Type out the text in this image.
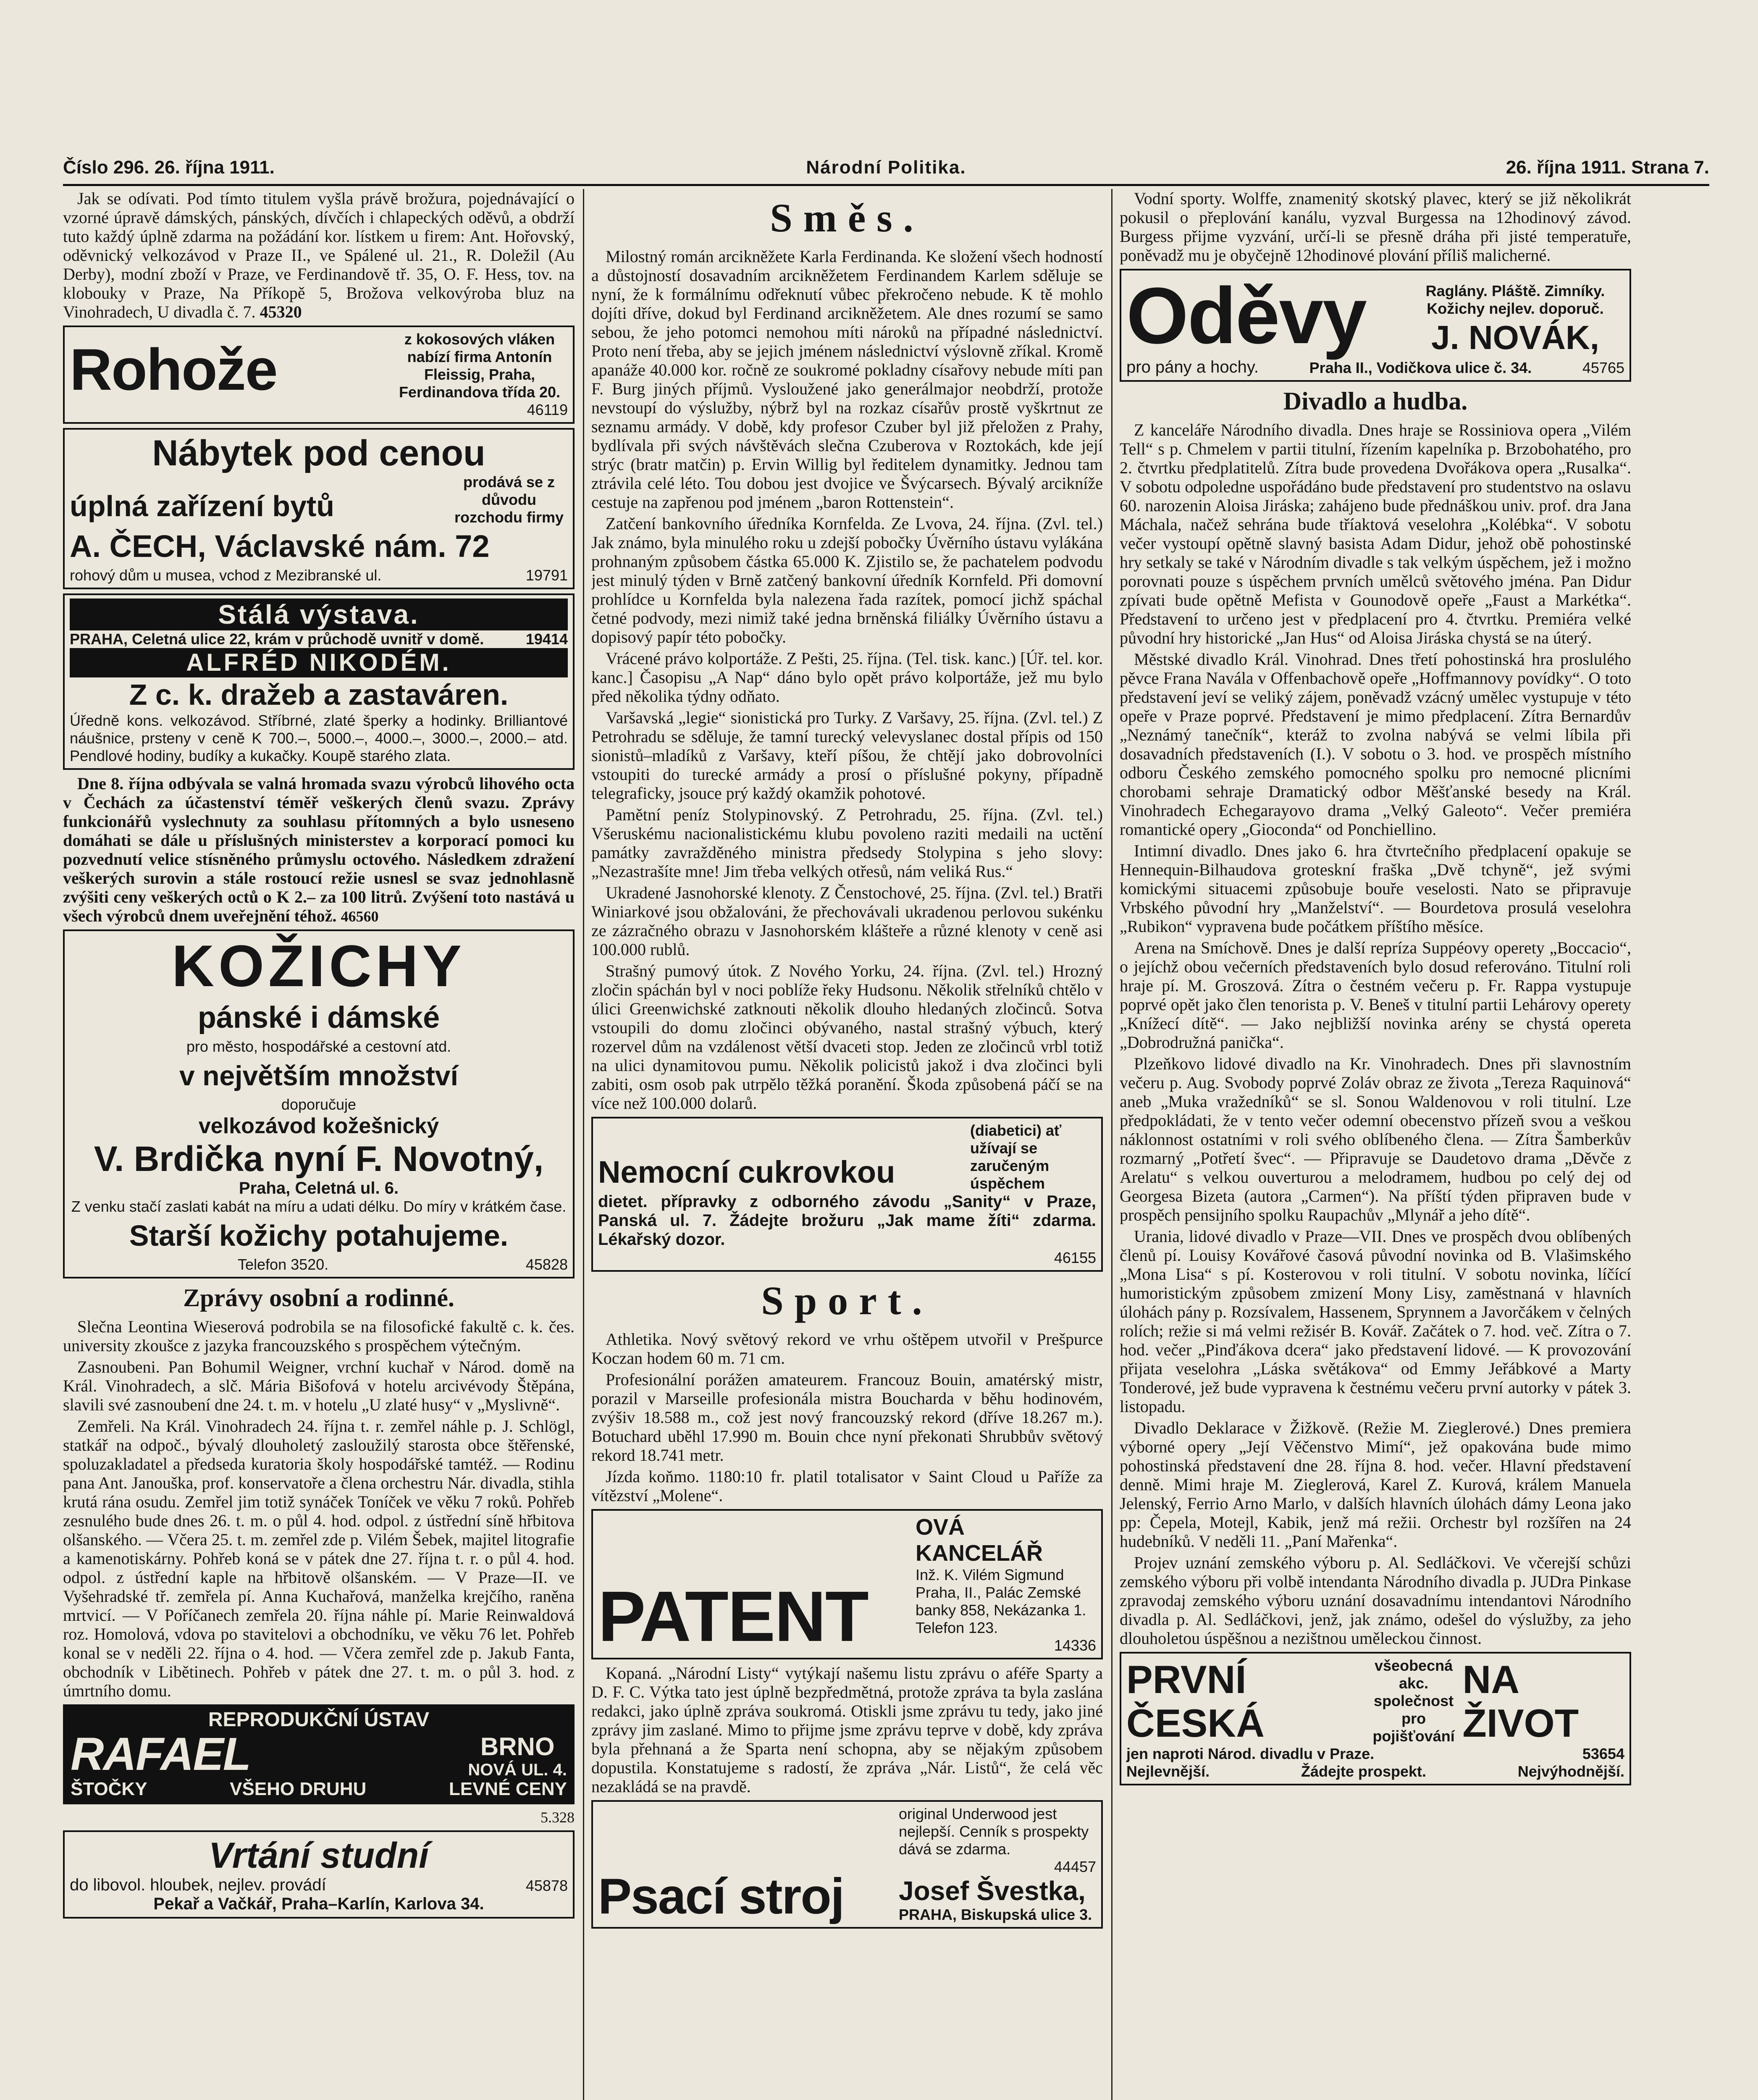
Číslo 296. 26. října 1911.	Národní Politika.	26. října 1911. Strana 7.

Jak se odívati. Pod tímto titulem vyšla právě brožura, pojednávající o vzorné úpravě dámských, pánských, dívčích i chlapeckých oděvů, a obdrží tuto každý úplně zdarma na požádání kor. lístkem u firem: Ant. Hořovský, oděvnický velkozávod v Praze II., ve Spálené ul. 21., R. Doležil (Au Derby), modní zboží v Praze, ve Ferdinandově tř. 35, O. F. Hess, tov. na klobouky v Praze, Na Příkopě 5, Brožova velkovýroba bluz na Vinohradech, U divadla č. 7. 45320

Rohože	z kokosových vláken nabízí firma Antonín Fleissig, Praha, Ferdinandova třída 20.
46119
Nábytek pod cenou
úplná zařízení bytů
prodává se z důvodu rozchodu firmy
A. ČECH, Václavské nám. 72
rohový dům u musea, vchod z Mezibranské ul.	19791
Stálá výstava.
PRAHA, Celetná ulice 22, krám v průchodě uvnitř v domě.	19414
ALFRÉD NIKODÉM.
Z c. k. dražeb a zastaváren.
Úředně kons. velkozávod. Stříbrné, zlaté šperky a hodinky. Brilliantové náušnice, prsteny v ceně K 700.–, 5000.–, 4000.–, 3000.–, 2000.– atd. Pendlové hodiny, budíky a kukačky. Koupě starého zlata.

Dne 8. října odbývala se valná hromada svazu výrobců lihového octa v Čechách za účastenství téměř veškerých členů svazu. Zprávy funkcionářů vyslechnuty za souhlasu přítomných a bylo usneseno domáhati se dále u příslušných ministerstev a korporací pomoci ku pozvednutí velice stísněného průmyslu octového. Následkem zdražení veškerých surovin a stále rostoucí režie usnesl se svaz jednohlasně zvýšiti ceny veškerých octů o K 2.– za 100 litrů. Zvýšení toto nastává u všech výrobců dnem uveřejnění téhož. 46560

KOŽICHY
pánské i dámské
pro město, hospodářské a cestovní atd.
v největším množství
doporučuje
velkozávod kožešnický
V. Brdička nyní F. Novotný,
Praha, Celetná ul. 6.
Z venku stačí zaslati kabát na míru a udati délku. Do míry v krátkém čase.
Starší kožichy potahujeme.
Telefon 3520.	45828
Zprávy osobní a rodinné.

Slečna Leontina Wieserová podrobila se na filosofické fakultě c. k. čes. university zkoušce z jazyka francouzského s prospěchem výtečným.

Zasnoubeni. Pan Bohumil Weigner, vrchní kuchař v Národ. domě na Král. Vinohradech, a slč. Mária Bišofová v hotelu arcivévody Štěpána, slavili své zasnoubení dne 24. t. m. v hotelu „U zlaté husy“ v „Myslivně“.

Zemřeli. Na Král. Vinohradech 24. října t. r. zemřel náhle p. J. Schlögl, statkář na odpoč., bývalý dlouholetý zasloužilý starosta obce štěřenské, spoluzakladatel a předseda kuratoria školy hospodářské tamtéž. — Rodinu pana Ant. Janouška, prof. konservatoře a člena orchestru Nár. divadla, stihla krutá rána osudu. Zemřel jim totiž synáček Toníček ve věku 7 roků. Pohřeb zesnulého bude dnes 26. t. m. o půl 4. hod. odpol. z ústřední síně hřbitova olšanského. — Včera 25. t. m. zemřel zde p. Vilém Šebek, majitel litografie a kamenotiskárny. Pohřeb koná se v pátek dne 27. října t. r. o půl 4. hod. odpol. z ústřední kaple na hřbitově olšanském. — V Praze—II. ve Vyšehradské tř. zemřela pí. Anna Kuchařová, manželka krejčího, raněna mrtvicí. — V Poříčanech zemřela 20. října náhle pí. Marie Reinwaldová roz. Homolová, vdova po stavitelovi a obchodníku, ve věku 76 let. Pohřeb konal se v neděli 22. října o 4. hod. — Včera zemřel zde p. Jakub Fanta, obchodník v Libětinech. Pohřeb v pátek dne 27. t. m. o půl 3. hod. z úmrtního domu.

REPRODUKČNÍ ÚSTAV
RAFAEL	BRNO
NOVÁ UL. 4.
ŠTOČKY	VŠEHO DRUHU	LEVNÉ CENY
5.328
Vrtání studní
do libovol. hloubek, nejlev. provádí	45878
Pekař a Vačkář, Praha–Karlín, Karlova 34.
Směs.

Milostný román arcikněžete Karla Ferdinanda. Ke složení všech hodností a důstojností dosavadním arcikněžetem Ferdinandem Karlem sděluje se nyní, že k formálnímu odřeknutí vůbec překročeno nebude. K tě mohlo dojíti dříve, dokud byl Ferdinand arcikněžetem. Ale dnes rozumí se samo sebou, že jeho potomci nemohou míti nároků na případné následnictví. Proto není třeba, aby se jejich jménem následnictví výslovně zříkal. Kromě apanáže 40.000 kor. ročně ze soukromé pokladny císařovy nebude míti pan F. Burg jiných příjmů. Vysloužené jako generálmajor neobdrží, protože nevstoupí do výslužby, nýbrž byl na rozkaz císařův prostě vyškrtnut ze seznamu armády. V době, kdy profesor Czuber byl již přeložen z Prahy, bydlívala při svých návštěvách slečna Czuberova v Roztokách, kde její strýc (bratr matčin) p. Ervin Willig byl ředitelem dynamitky. Jednou tam ztrávila celé léto. Tou dobou jest dvojice ve Švýcarsech. Bývalý arcikníže cestuje na zapřenou pod jménem „baron Rottenstein“.

Zatčení bankovního úředníka Kornfelda. Ze Lvova, 24. října. (Zvl. tel.) Jak známo, byla minulého roku u zdejší pobočky Úvěrního ústavu vylákána prohnaným způsobem částka 65.000 K. Zjistilo se, že pachatelem podvodu jest minulý týden v Brně zatčený bankovní úředník Kornfeld. Při domovní prohlídce u Kornfelda byla nalezena řada razítek, pomocí jichž spáchal četné podvody, mezi nimiž také jedna brněnská filiálky Úvěrního ústavu a dopisový papír této pobočky.

Vrácené právo kolportáže. Z Pešti, 25. října. (Tel. tisk. kanc.) [Úř. tel. kor. kanc.] Časopisu „A Nap“ dáno bylo opět právo kolportáže, jež mu bylo před několika týdny odňato.

Varšavská „legie“ sionistická pro Turky. Z Varšavy, 25. října. (Zvl. tel.) Z Petrohradu se sděluje, že tamní turecký velevyslanec dostal přípis od 150 sionistů–mladíků z Varšavy, kteří píšou, že chtějí jako dobrovolníci vstoupiti do turecké armády a prosí o příslušné pokyny, případně telegraficky, jsouce prý každý okamžik pohotové.

Pamětní peníz Stolypinovský. Z Petrohradu, 25. října. (Zvl. tel.) Všeruskému nacionalistickému klubu povoleno raziti medaili na uctění památky zavražděného ministra předsedy Stolypina s jeho slovy: „Nezastrašíte mne! Jim třeba velkých otřesů, nám veliká Rus.“

Ukradené Jasnohorské klenoty. Z Čenstochové, 25. října. (Zvl. tel.) Bratři Winiarkové jsou obžalováni, že přechovávali ukradenou perlovou sukénku ze zázračného obrazu v Jasnohorském klášteře a různé klenoty v ceně asi 100.000 rublů.

Strašný pumový útok. Z Nového Yorku, 24. října. (Zvl. tel.) Hrozný zločin spáchán byl v noci poblíže řeky Hudsonu. Několik střelníků chtělo v úlici Greenwichské zatknouti několik dlouho hledaných zločinců. Sotva vstoupili do domu zločinci obývaného, nastal strašný výbuch, který rozervel dům na vzdálenost větší dvaceti stop. Jeden ze zločinců vrbl totiž na ulici dynamitovou pumu. Několik policistů jakož i dva zločinci byli zabiti, osm osob pak utrpělo těžká poranění. Škoda způsobená páčí se na více než 100.000 dolarů.

Nemocní cukrovkou
(diabetici) ať užívají se zaručeným úspěchem
dietet. přípravky z odborného závodu „Sanity“ v Praze, Panská ul. 7. Žádejte brožuru „Jak mame žíti“ zdarma. Lékařský dozor.
46155
Sport.

Athletika. Nový světový rekord ve vrhu oštěpem utvořil v Prešpurce Koczan hodem 60 m. 71 cm.

Profesionální porážen amateurem. Francouz Bouin, amatérský mistr, porazil v Marseille profesionála mistra Boucharda v běhu hodinovém, zvýšiv 18.588 m., což jest nový francouzský rekord (dříve 18.267 m.). Botuchard uběhl 17.990 m. Bouin chce nyní překonati Shrubbův světový rekord 18.741 metr.

Jízda koňmo. 1180:10 fr. platil totalisator v Saint Cloud u Paříže za vítězství „Molene“.

PATENT
OVÁ KANCELÁŘ
Inž. K. Vilém Sigmund Praha, II., Palác Zemské banky 858, Nekázanka 1. Telefon 123.
14336

Kopaná. „Národní Listy“ vytýkají našemu listu zprávu o aféře Sparty a D. F. C. Výtka tato jest úplně bezpředmětná, protože zpráva ta byla zaslána redakci, jako úplně zpráva soukromá. Otiskli jsme zprávu tu tedy, jako jiné zprávy jim zaslané. Mimo to přijme jsme zprávu teprve v době, kdy zpráva byla přehnaná a že Sparta není schopna, aby se nějakým způsobem dopustila. Konstatujeme s radostí, že zpráva „Nár. Listů“, že celá věc nezakládá se na pravdě.

Psací stroj
original Underwood jest nejlepší. Cenník s prospekty dává se zdarma.
44457
Josef Švestka,
PRAHA, Biskupská ulice 3.

Vodní sporty. Wolffe, znamenitý skotský plavec, který se již několikrát pokusil o přeplování kanálu, vyzval Burgessa na 12hodinový závod. Burgess přijme vyzvání, určí-li se přesně dráha při jisté temperatuře, poněvadž mu je obyčejně 12hodinové plování příliš malicherné.

Oděvy	Raglány. Pláště. Zimníky. Kožichy nejlev. doporuč.
J. NOVÁK,
pro pány a hochy.	Praha II., Vodičkova ulice č. 34.	45765
Divadlo a hudba.

Z kanceláře Národního divadla. Dnes hraje se Rossiniova opera „Vilém Tell“ s p. Chmelem v partii titulní, řízením kapelníka p. Brzobohatého, pro 2. čtvrtku předplatitelů. Zítra bude provedena Dvořákova opera „Rusalka“. V sobotu odpoledne uspořádáno bude představení pro studentstvo na oslavu 60. narozenin Aloisa Jiráska; zahájeno bude přednáškou univ. prof. dra Jana Máchala, načež sehrána bude tříaktová veselohra „Kolébka“. V sobotu večer vystoupí opětně slavný basista Adam Didur, jehož obě pohostinské hry setkaly se také v Národním divadle s tak velkým úspěchem, jež i možno porovnati pouze s úspěchem prvních umělců světového jména. Pan Didur zpívati bude opětně Mefista v Gounodově opeře „Faust a Markétka“. Představení to určeno jest v předplacení pro 4. čtvrtku. Premiéra velké původní hry historické „Jan Hus“ od Aloisa Jiráska chystá se na úterý.

Městské divadlo Král. Vinohrad. Dnes třetí pohostinská hra proslulého pěvce Frana Navála v Offenbachově opeře „Hoffmannovy povídky“. O toto představení jeví se veliký zájem, poněvadž vzácný umělec vystupuje v této opeře v Praze poprvé. Představení je mimo předplacení. Zítra Bernardův „Neznámý tanečník“, kteráž to zvolna nabývá se velmi líbila při dosavadních představeních (I.). V sobotu o 3. hod. ve prospěch místního odboru Českého zemského pomocného spolku pro nemocné plicními chorobami sehraje Dramatický odbor Měšťanské besedy na Král. Vinohradech Echegarayovo drama „Velký Galeoto“. Večer premiéra romantické opery „Gioconda“ od Ponchiellino.

Intimní divadlo. Dnes jako 6. hra čtvrtečního předplacení opakuje se Hennequin-Bilhaudova groteskní fraška „Dvě tchyně“, jež svými komickými situacemi způsobuje bouře veselosti. Nato se připravuje Vrbského původní hry „Manželství“. — Bourdetova prosulá veselohra „Rubikon“ vypravena bude počátkem příštího měsíce.

Arena na Smíchově. Dnes je další repríza Suppéovy operety „Boccacio“, o jejíchž obou večerních představeních bylo dosud referováno. Titulní roli hraje pí. M. Groszová. Zítra o čestném večeru p. Fr. Rappa vystupuje poprvé opět jako člen tenorista p. V. Beneš v titulní partii Lehárovy operety „Knížecí dítě“. — Jako nejbližší novinka arény se chystá opereta „Dobrodružná panička“.

Plzeňkovo lidové divadlo na Kr. Vinohradech. Dnes při slavnostním večeru p. Aug. Svobody poprvé Zoláv obraz ze života „Tereza Raquinová“ aneb „Muka vražedníků“ se sl. Sonou Waldenovou v roli titulní. Lze předpokládati, že v tento večer odemní obecenstvo přízeň svou a veškou náklonnost ostatními v roli svého oblíbeného člena. — Zítra Šamberkův rozmarný „Potřetí švec“. — Připravuje se Daudetovo drama „Děvče z Arelatu“ s velkou ouverturou a melodramem, hudbou po celý dej od Georgesa Bizeta (autora „Carmen“). Na příští týden připraven bude v prospěch pensijního spolku Raupachův „Mlynář a jeho dítě“.

Urania, lidové divadlo v Praze—VII. Dnes ve prospěch dvou oblíbených členů pí. Louisy Kovářové časová původní novinka od B. Vlašimského „Mona Lisa“ s pí. Kosterovou v roli titulní. V sobotu novinka, líčící humoristickým způsobem zmizení Mony Lisy, zaměstnaná v hlavních úlohách pány p. Rozsívalem, Hassenem, Sprynnem a Javorčákem v čelných rolích; režie si má velmi režisér B. Kovář. Začátek o 7. hod. več. Zítra o 7. hod. večer „Pinďákova dcera“ jako představení lidové. — K provozování přijata veselohra „Láska světákova“ od Emmy Jeřábkové a Marty Tonderové, jež bude vypravena k čestnému večeru první autorky v pátek 3. listopadu.

Divadlo Deklarace v Žižkově. (Režie M. Zieglerové.) Dnes premiera výborné opery „Její Věčenstvo Mimí“, jež opakována bude mimo pohostinská představení dne 28. října 8. hod. večer. Hlavní představení denně. Mimi hraje M. Zieglerová, Karel Z. Kurová, králem Manuela Jelenský, Ferrio Arno Marlo, v dalších hlavních úlohách dámy Leona jako pp: Čepela, Motejl, Kabik, jenž má režii. Orchestr byl rozšířen na 24 hudebníků. V neděli 11. „Paní Mařenka“.

Projev uznání zemského výboru p. Al. Sedláčkovi. Ve včerejší schůzi zemského výboru při volbě intendanta Národního divadla p. JUDra Pinkase zpravodaj zemského výboru uznání dosavadnímu intendantovi Národního divadla p. Al. Sedláčkovi, jenž, jak známo, odešel do výslužby, za jeho dlouholetou úspěšnou a nezištnou uměleckou činnost.

PRVNÍ ČESKÁ
všeobecná akc. společnost pro pojišťování
NA ŽIVOT
jen naproti Národ. divadlu v Praze.	53654
Nejlevnější.	Žádejte prospekt.	Nejvýhodnější.
